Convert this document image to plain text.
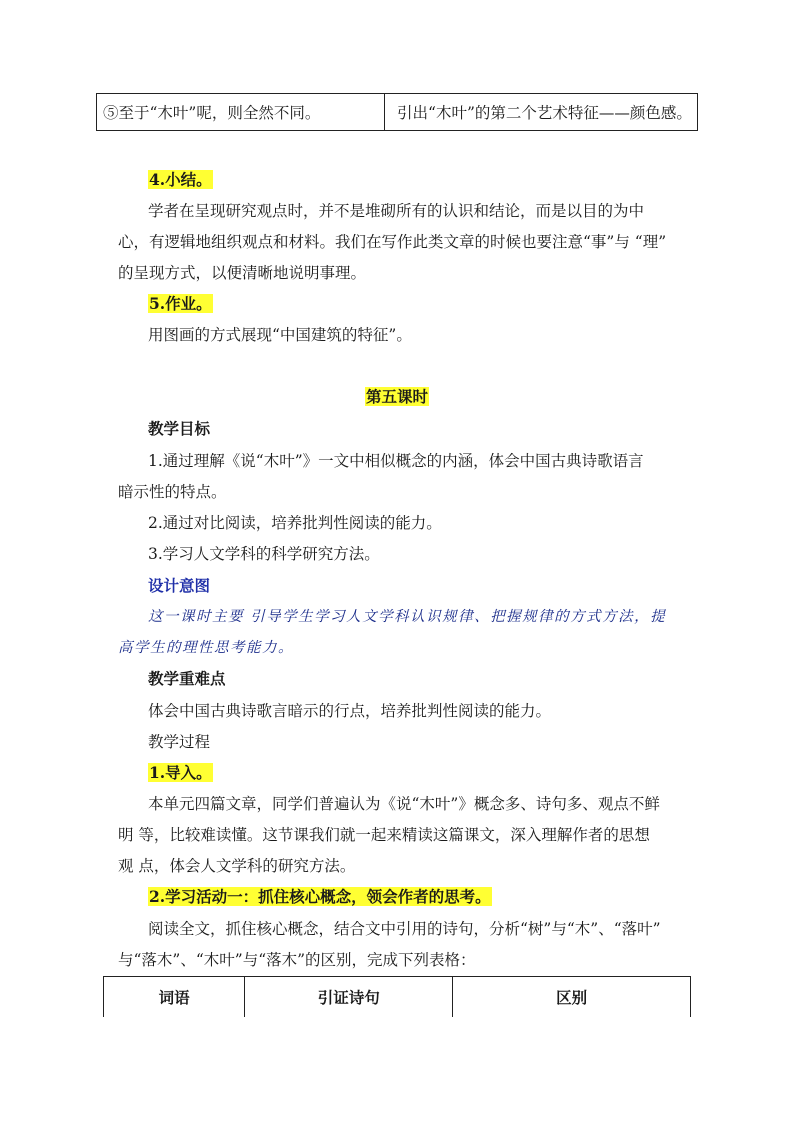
⑤至于“木叶”呢，则全然不同。	引出“木叶”的第二个艺术特征——颜色感。
4.小结。
学者在呈现研究观点时，并不是堆砌所有的认识和结论，而是以目的为中
心，有逻辑地组织观点和材料。我们在写作此类文章的时候也要注意“事”与 “理”
的呈现方式，以便清晰地说明事理。
5.作业。
用图画的方式展现“中国建筑的特征”。
第五课时
教学目标
1.通过理解《说“木叶”》一文中相似概念的内涵，体会中国古典诗歌语言
暗示性的特点。
2.通过对比阅读，培养批判性阅读的能力。
3.学习人文学科的科学研究方法。
设计意图
这一课时主要 引导学生学习人文学科认识规律、把握规律的方式方法，提
高学生的理性思考能力。
教学重难点
体会中国古典诗歌言暗示的行点，培养批判性阅读的能力。
教学过程
1.导入。
本单元四篇文章，同学们普遍认为《说“木叶”》概念多、诗句多、观点不鲜
明 等，比较难读懂。这节课我们就一起来精读这篇课文，深入理解作者的思想
观 点，体会人文学科的研究方法。
2.学习活动一：抓住核心概念，领会作者的思考。
阅读全文，抓住核心概念，结合文中引用的诗句，分析“树”与“木”、“落叶”
与“落木”、“木叶”与“落木”的区别，完成下列表格：
词语	引证诗句	区别
